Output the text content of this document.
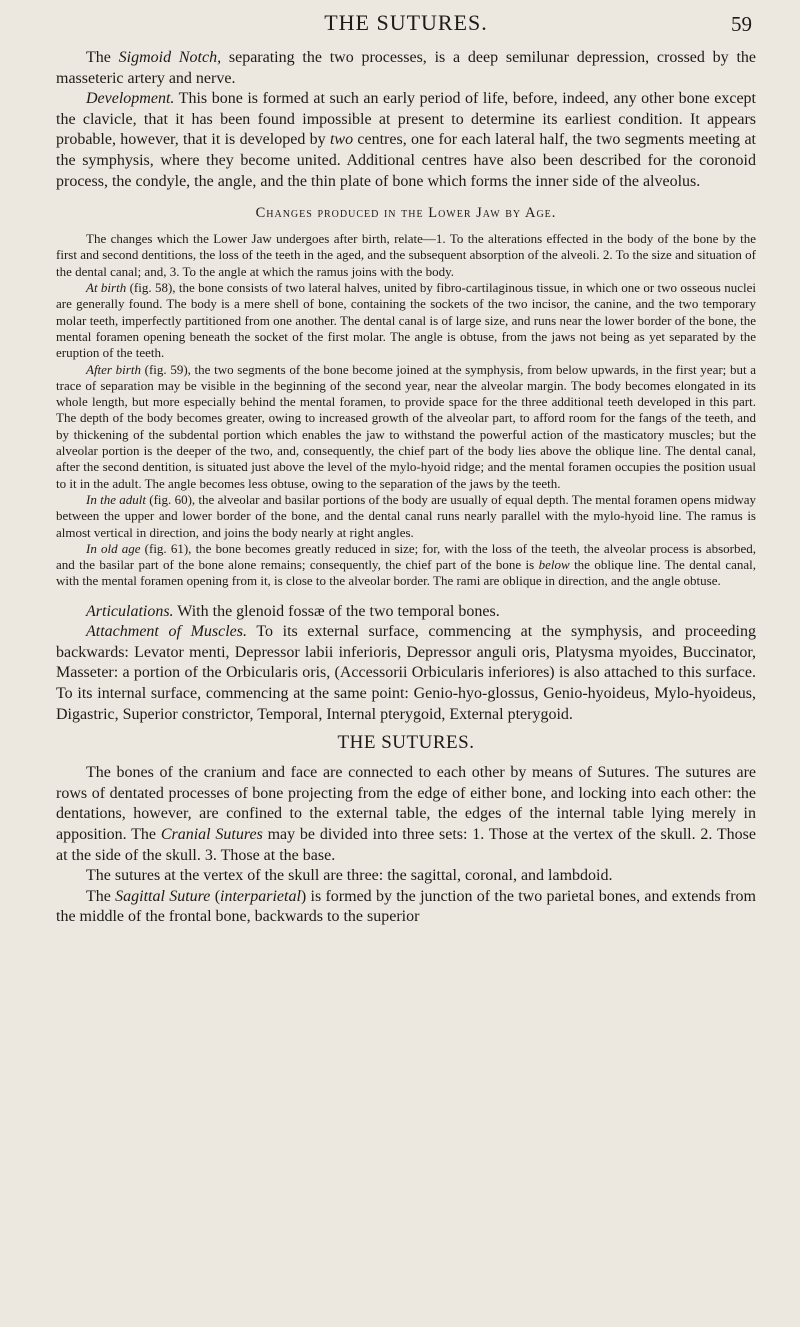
THE SUTURES.	59

The Sigmoid Notch, separating the two processes, is a deep semilunar depression, crossed by the masseteric artery and nerve.

Development. This bone is formed at such an early period of life, before, indeed, any other bone except the clavicle, that it has been found impossible at present to determine its earliest condition. It appears probable, however, that it is developed by two centres, one for each lateral half, the two segments meeting at the symphysis, where they become united. Additional centres have also been described for the coronoid process, the condyle, the angle, and the thin plate of bone which forms the inner side of the alveolus.

Changes produced in the Lower Jaw by Age.

The changes which the Lower Jaw undergoes after birth, relate—1. To the alterations effected in the body of the bone by the first and second dentitions, the loss of the teeth in the aged, and the subsequent absorption of the alveoli. 2. To the size and situation of the dental canal; and, 3. To the angle at which the ramus joins with the body.

At birth (fig. 58), the bone consists of two lateral halves, united by fibro-cartilaginous tissue, in which one or two osseous nuclei are generally found. The body is a mere shell of bone, containing the sockets of the two incisor, the canine, and the two temporary molar teeth, imperfectly partitioned from one another. The dental canal is of large size, and runs near the lower border of the bone, the mental foramen opening beneath the socket of the first molar. The angle is obtuse, from the jaws not being as yet separated by the eruption of the teeth.

After birth (fig. 59), the two segments of the bone become joined at the symphysis, from below upwards, in the first year; but a trace of separation may be visible in the beginning of the second year, near the alveolar margin. The body becomes elongated in its whole length, but more especially behind the mental foramen, to provide space for the three additional teeth developed in this part. The depth of the body becomes greater, owing to increased growth of the alveolar part, to afford room for the fangs of the teeth, and by thickening of the subdental portion which enables the jaw to withstand the powerful action of the masticatory muscles; but the alveolar portion is the deeper of the two, and, consequently, the chief part of the body lies above the oblique line. The dental canal, after the second dentition, is situated just above the level of the mylo-hyoid ridge; and the mental foramen occupies the position usual to it in the adult. The angle becomes less obtuse, owing to the separation of the jaws by the teeth.

In the adult (fig. 60), the alveolar and basilar portions of the body are usually of equal depth. The mental foramen opens midway between the upper and lower border of the bone, and the dental canal runs nearly parallel with the mylo-hyoid line. The ramus is almost vertical in direction, and joins the body nearly at right angles.

In old age (fig. 61), the bone becomes greatly reduced in size; for, with the loss of the teeth, the alveolar process is absorbed, and the basilar part of the bone alone remains; consequently, the chief part of the bone is below the oblique line. The dental canal, with the mental foramen opening from it, is close to the alveolar border. The rami are oblique in direction, and the angle obtuse.

Articulations. With the glenoid fossæ of the two temporal bones.

Attachment of Muscles. To its external surface, commencing at the symphysis, and proceeding backwards: Levator menti, Depressor labii inferioris, Depressor anguli oris, Platysma myoides, Buccinator, Masseter: a portion of the Orbicularis oris, (Accessorii Orbicularis inferiores) is also attached to this surface. To its internal surface, commencing at the same point: Genio-hyo-glossus, Genio-hyoideus, Mylo-hyoideus, Digastric, Superior constrictor, Temporal, Internal pterygoid, External pterygoid.

THE SUTURES.

The bones of the cranium and face are connected to each other by means of Sutures. The sutures are rows of dentated processes of bone projecting from the edge of either bone, and locking into each other: the dentations, however, are confined to the external table, the edges of the internal table lying merely in apposition. The Cranial Sutures may be divided into three sets: 1. Those at the vertex of the skull. 2. Those at the side of the skull. 3. Those at the base.

The sutures at the vertex of the skull are three: the sagittal, coronal, and lambdoid.

The Sagittal Suture (interparietal) is formed by the junction of the two parietal bones, and extends from the middle of the frontal bone, backwards to the superior
